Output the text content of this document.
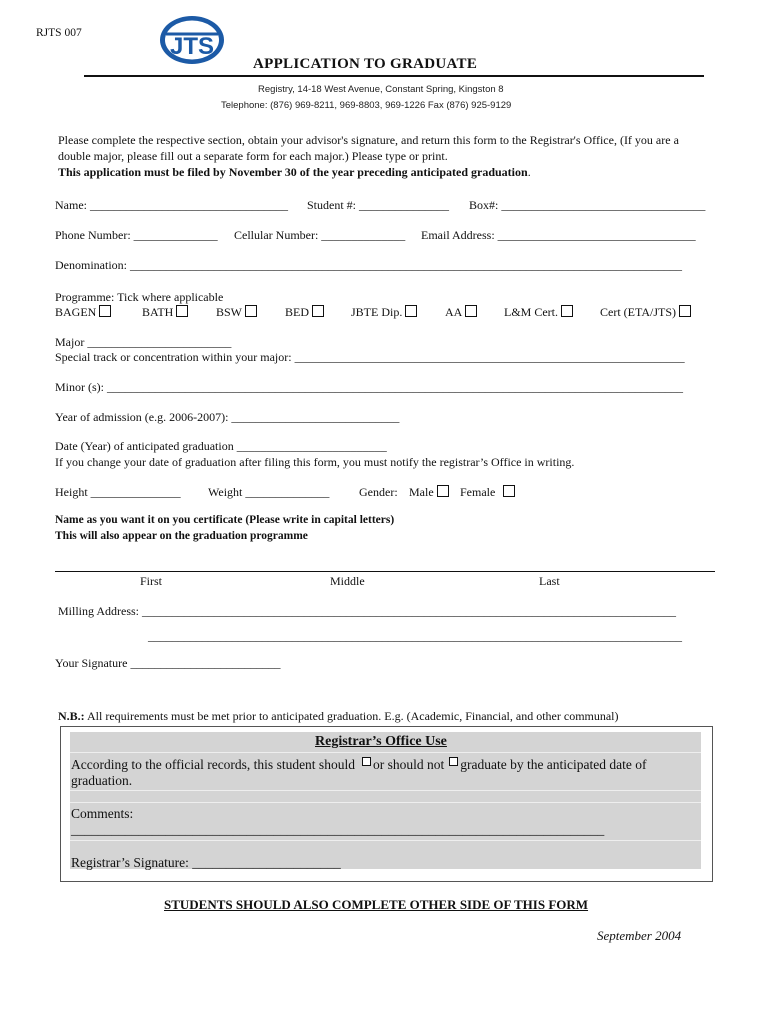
RJTS 007	JTS
APPLICATION TO GRADUATE
Registry, 14-18 West Avenue, Constant Spring, Kingston 8
Telephone: (876) 969-8211, 969-8803, 969-1226 Fax (876) 925-9129
Please complete the respective section, obtain your advisor's signature, and return this form to the Registrar's Office, (If you are a
double major, please fill out a separate form for each major.) Please type or print.
This application must be filed by November 30 of the year preceding anticipated graduation.
Name: _________________________________ Student #: _______________ Box#: __________________________________
Phone Number: ______________ Cellular Number: ______________ Email Address: _________________________________
Denomination: ____________________________________________________________________________________________
Programme: Tick where applicable
BAGEN	BATH	BSW	BED	JBTE Dip.	AA	L&M Cert.	Cert (ETA/JTS)
Major ________________________
Special track or concentration within your major: _________________________________________________________________
Minor (s): ________________________________________________________________________________________________
Year of admission (e.g. 2006-2007): ____________________________
Date (Year) of anticipated graduation _________________________
If you change your date of graduation after filing this form, you must notify the registrar’s Office in writing.
Height _______________ Weight ______________ Gender: Male	Female
Name as you want it on you certificate (Please write in capital letters)
This will also appear on the graduation programme
First	Middle	Last
Milling Address: _________________________________________________________________________________________
_________________________________________________________________________________________
Your Signature _________________________
N.B.: All requirements must be met prior to anticipated graduation. E.g. (Academic, Financial, and other communal)
Registrar’s Office Use
According to the official records, this student should or should not graduate by the anticipated date of
graduation.
Comments:
_______________________________________________________________________________
Registrar’s Signature: ______________________
STUDENTS SHOULD ALSO COMPLETE OTHER SIDE OF THIS FORM
September 2004
